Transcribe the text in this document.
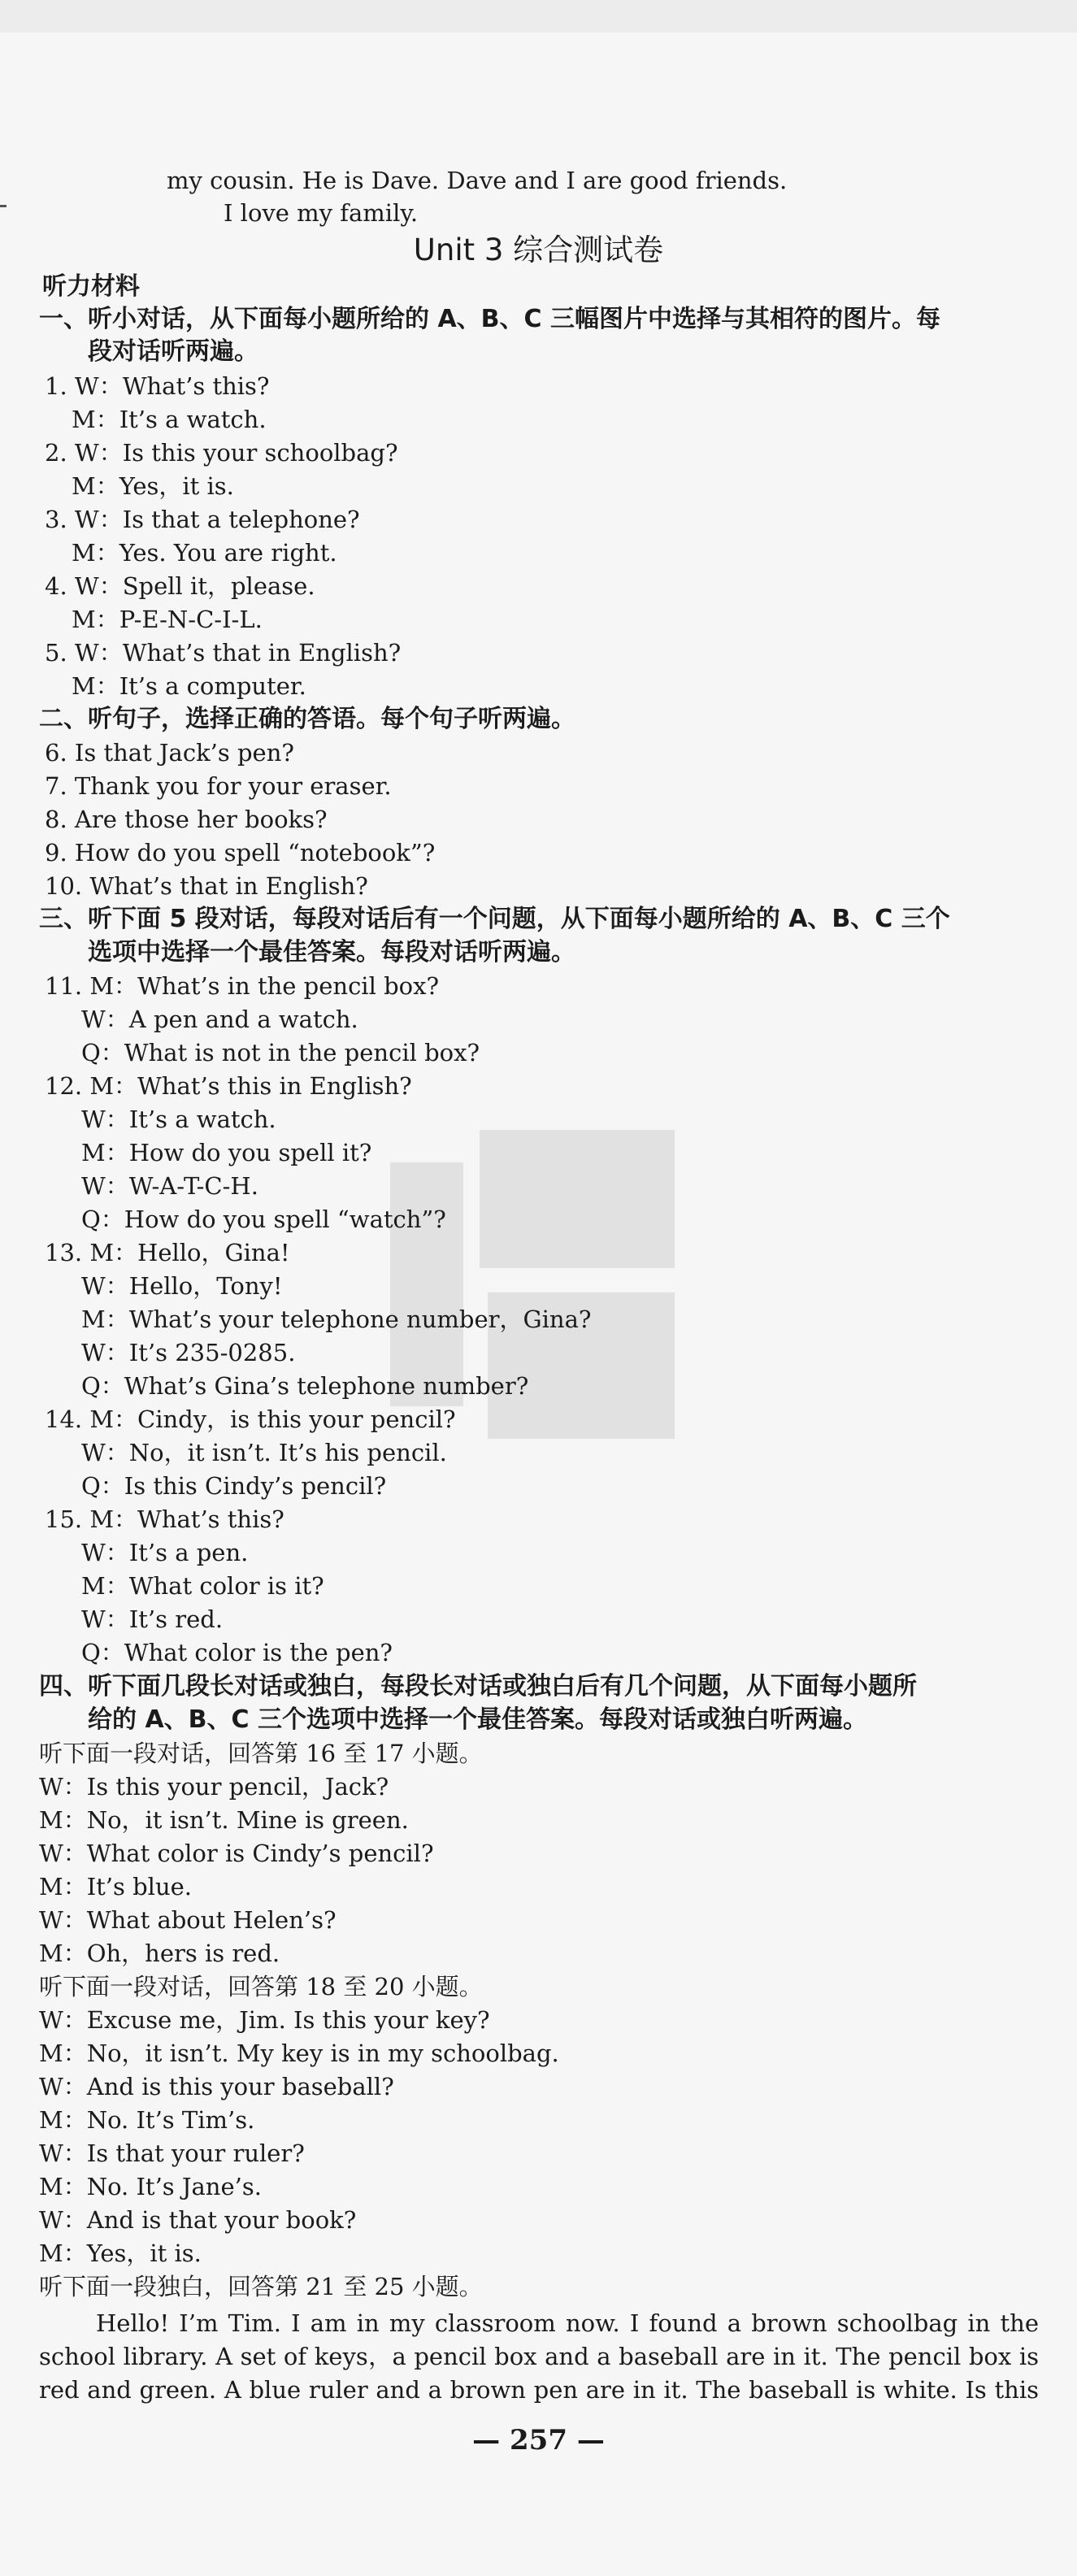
my cousin. He is Dave. Dave and I are good friends.
I love my family.
Unit 3 综合测试卷
听力材料
一、听小对话，从下面每小题所给的 A、B、C 三幅图片中选择与其相符的图片。每
段对话听两遍。
1. W：What’s this?
M：It’s a watch.
2. W：Is this your schoolbag?
M：Yes，it is.
3. W：Is that a telephone?
M：Yes. You are right.
4. W：Spell it，please.
M：P-E-N-C-I-L.
5. W：What’s that in English?
M：It’s a computer.
二、听句子，选择正确的答语。每个句子听两遍。
6. Is that Jack’s pen?
7. Thank you for your eraser.
8. Are those her books?
9. How do you spell “notebook”?
10. What’s that in English?
三、听下面 5 段对话，每段对话后有一个问题，从下面每小题所给的 A、B、C 三个
选项中选择一个最佳答案。每段对话听两遍。
11. M：What’s in the pencil box?
W：A pen and a watch.
Q：What is not in the pencil box?
12. M：What’s this in English?
W：It’s a watch.
M：How do you spell it?
W：W-A-T-C-H.
Q：How do you spell “watch”?
13. M：Hello，Gina!
W：Hello，Tony!
M：What’s your telephone number，Gina?
W：It’s 235-0285.
Q：What’s Gina’s telephone number?
14. M：Cindy，is this your pencil?
W：No，it isn’t. It’s his pencil.
Q：Is this Cindy’s pencil?
15. M：What’s this?
W：It’s a pen.
M：What color is it?
W：It’s red.
Q：What color is the pen?
四、听下面几段长对话或独白，每段长对话或独白后有几个问题，从下面每小题所
给的 A、B、C 三个选项中选择一个最佳答案。每段对话或独白听两遍。
听下面一段对话，回答第 16 至 17 小题。
W：Is this your pencil，Jack?
M：No，it isn’t. Mine is green.
W：What color is Cindy’s pencil?
M：It’s blue.
W：What about Helen’s?
M：Oh，hers is red.
听下面一段对话，回答第 18 至 20 小题。
W：Excuse me，Jim. Is this your key?
M：No，it isn’t. My key is in my schoolbag.
W：And is this your baseball?
M：No. It’s Tim’s.
W：Is that your ruler?
M：No. It’s Jane’s.
W：And is that your book?
M：Yes，it is.
听下面一段独白，回答第 21 至 25 小题。
Hello! I’m Tim. I am in my classroom now. I found a brown schoolbag in the
school library. A set of keys，a pencil box and a baseball are in it. The pencil box is
red and green. A blue ruler and a brown pen are in it. The baseball is white. Is this
— 257 —
